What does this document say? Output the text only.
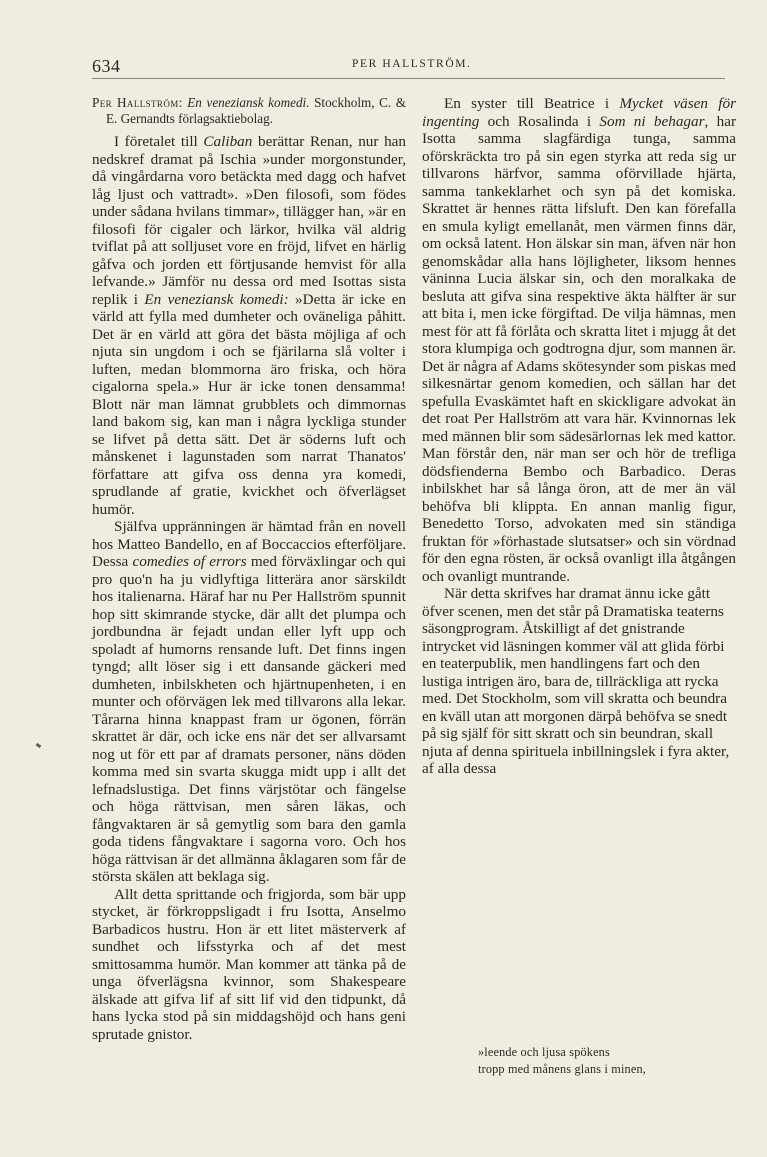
634	PER HALLSTRÖM.

Per Hallström: En veneziansk komedi. Stockholm, C. & E. Gernandts förlagsaktiebolag.

I företalet till Caliban berättar Renan, nur han nedskref dramat på Ischia »under morgonstunder, då vingårdarna voro betäckta med dagg och hafvet låg ljust och vattradt». »Den filosofi, som födes under sådana hvilans timmar», tillägger han, »är en filosofi för cigaler och lärkor, hvilka väl aldrig tviflat på att solljuset vore en fröjd, lifvet en härlig gåfva och jorden ett förtjusande hemvist för alla lefvande.» Jämför nu dessa ord med Isottas sista replik i En veneziansk komedi: »Detta är icke en värld att fylla med dumheter och oväneliga påhitt. Det är en värld att göra det bästa möjliga af och njuta sin ungdom i och se fjärilarna slå volter i luften, medan blommorna äro friska, och höra cigalorna spela.» Hur är icke tonen densamma! Blott när man lämnat grubblets och dimmornas land bakom sig, kan man i några lyckliga stunder se lifvet på detta sätt. Det är söderns luft och månskenet i lagunstaden som narrat Thanatos' författare att gifva oss denna yra komedi, sprudlande af gratie, kvickhet och öfverlägset humör.

Själfva uppränningen är hämtad från en novell hos Matteo Bandello, en af Boccaccios efterföljare. Dessa comedies of errors med förväxlingar och qui pro quo'n ha ju vidlyftiga litterära anor särskildt hos italienarna. Häraf har nu Per Hallström spunnit hop sitt skimrande stycke, där allt det plumpa och jordbundna är fejadt undan eller lyft upp och spoladt af humorns rensande luft. Det finns ingen tyngd; allt löser sig i ett dansande gäckeri med dumheten, inbilskheten och hjärtnupenheten, i en munter och oförvägen lek med tillvarons alla lekar. Tårarna hinna knappast fram ur ögonen, förrän skrattet är där, och icke ens när det ser allvarsamt nog ut för ett par af dramats personer, näns döden komma med sin svarta skugga midt upp i allt det lefnadslustiga. Det finns värjstötar och fängelse och höga rättvisan, men såren läkas, och fångvaktaren är så gemytlig som bara den gamla goda tidens fångvaktare i sagorna voro. Och hos höga rättvisan är det allmänna åklagaren som får de största skälen att beklaga sig.

Allt detta sprittande och frigjorda, som bär upp stycket, är förkroppsligadt i fru Isotta, Anselmo Barbadicos hustru. Hon är ett litet mästerverk af sundhet och lifsstyrka och af det mest smittosamma humör. Man kommer att tänka på de unga öfverlägsna kvinnor, som Shakespeare älskade att gifva lif af sitt lif vid den tidpunkt, då hans lycka stod på sin middagshöjd och hans geni sprutade gnistor.

En syster till Beatrice i Mycket väsen för ingenting och Rosalinda i Som ni behagar, har Isotta samma slagfärdiga tunga, samma oförskräckta tro på sin egen styrka att reda sig ur tillvarons härfvor, samma oförvillade hjärta, samma tankeklarhet och syn på det komiska. Skrattet är hennes rätta lifsluft. Den kan förefalla en smula kyligt emellanåt, men värmen finns där, om också latent. Hon älskar sin man, äfven när hon genomskådar alla hans löjligheter, liksom hennes väninna Lucia älskar sin, och den moralkaka de besluta att gifva sina respektive äkta hälfter är sur att bita i, men icke förgiftad. De vilja hämnas, men mest för att få förlåta och skratta litet i mjugg åt det stora klumpiga och godtrogna djur, som mannen är. Det är några af Adams skötesynder som piskas med silkesnärtar genom komedien, och sällan har det spefulla Evaskämtet haft en skickligare advokat än det roat Per Hallström att vara här. Kvinnornas lek med männen blir som sädesärlornas lek med kattor. Man förstår den, när man ser och hör de trefliga dödsfienderna Bembo och Barbadico. Deras inbilskhet har så långa öron, att de mer än väl behöfva bli klippta. En annan manlig figur, Benedetto Torso, advokaten med sin ständiga fruktan för »förhastade slutsatser» och sin vördnad för den egna rösten, är också ovanligt illa åtgången och ovanligt muntrande.

När detta skrifves har dramat ännu icke gått öfver scenen, men det står på Dramatiska teaterns säsongprogram. Åtskilligt af det gnistrande intrycket vid läsningen kommer väl att glida förbi en teaterpublik, men handlingens fart och den lustiga intrigen äro, bara de, tillräckliga att rycka med. Det Stockholm, som vill skratta och beundra en kväll utan att morgonen därpå behöfva se snedt på sig själf för sitt skratt och sin beundran, skall njuta af denna spirituela inbillningslek i fyra akter, af alla dessa

»leende och ljusa spökens
tropp med månens glans i minen,
